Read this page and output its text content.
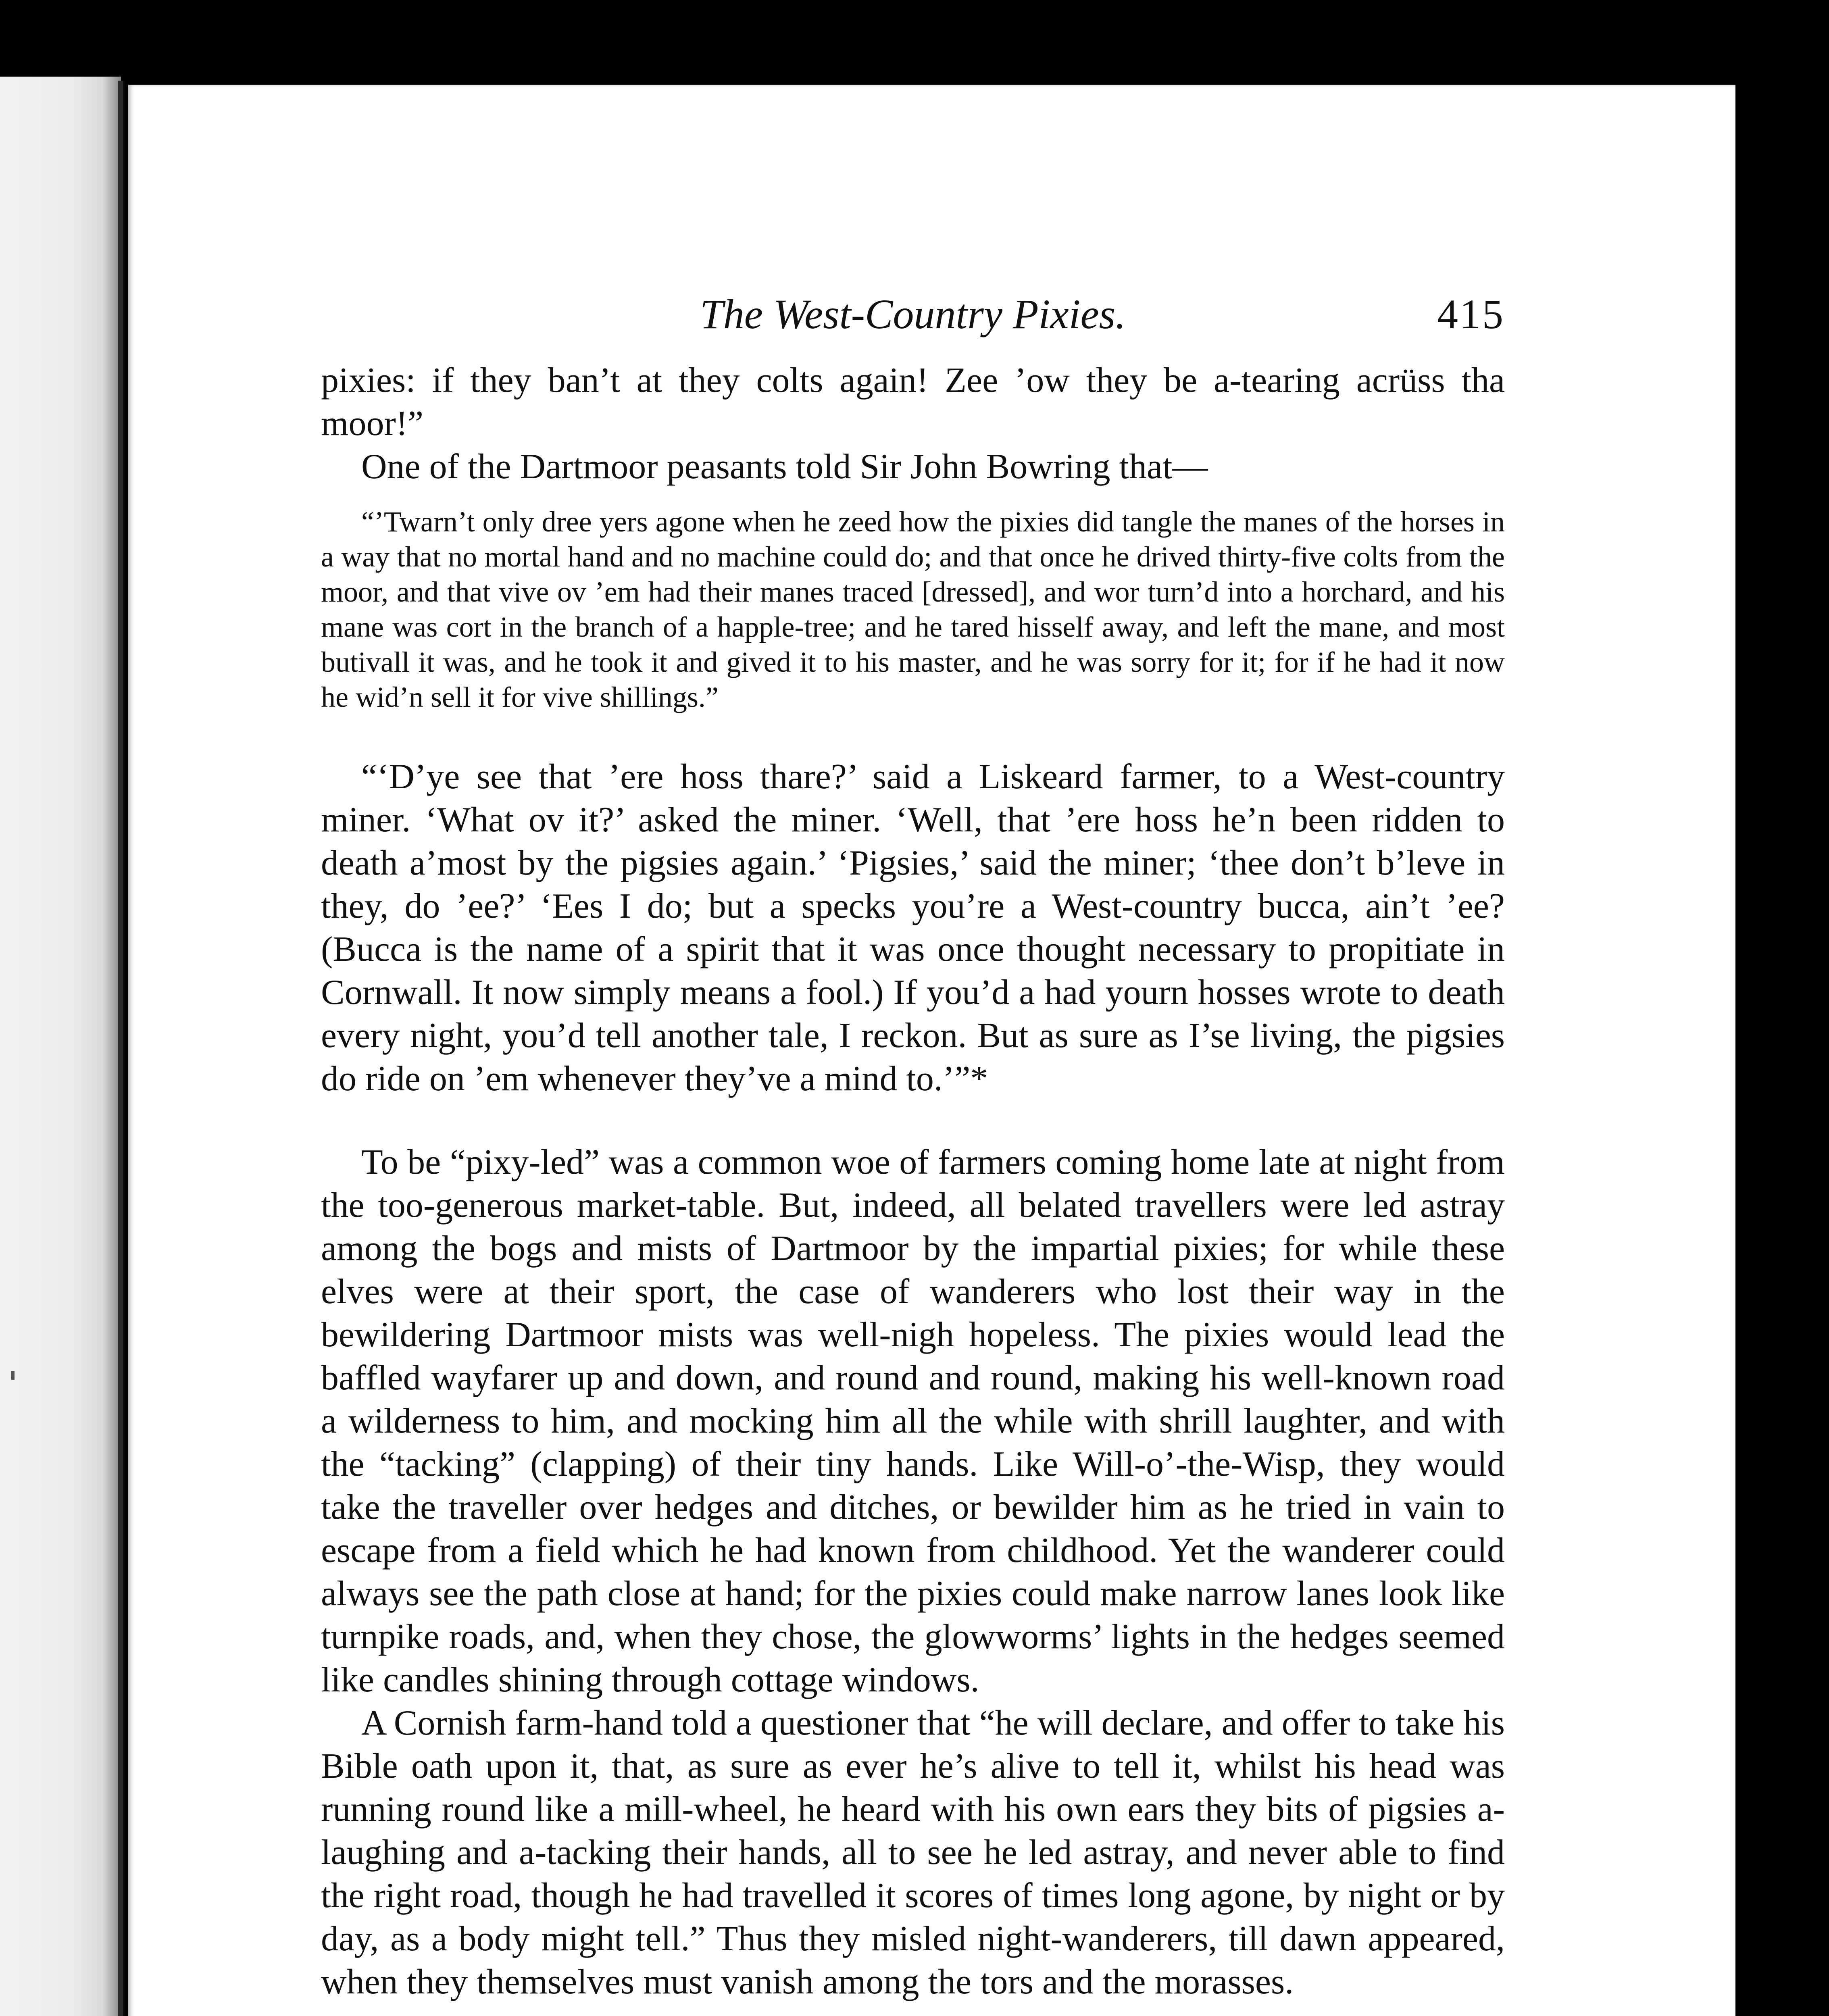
The West-Country Pixies.	415

pixies: if they ban’t at they colts again! Zee ’ow they be a-tearing acrüss tha moor!”

One of the Dartmoor peasants told Sir John Bowring that—

“’Twarn’t only dree yers agone when he zeed how the pixies did tangle the manes of the horses in a way that no mortal hand and no machine could do; and that once he drived thirty-five colts from the moor, and that vive ov ’em had their manes traced [dressed], and wor turn’d into a horchard, and his mane was cort in the branch of a happle-tree; and he tared hisself away, and left the mane, and most butivall it was, and he took it and gived it to his master, and he was sorry for it; for if he had it now he wid’n sell it for vive shillings.”

“‘D’ye see that ’ere hoss thare?’ said a Liskeard farmer, to a West-country miner. ‘What ov it?’ asked the miner. ‘Well, that ’ere hoss he’n been ridden to death a’most by the pigsies again.’ ‘Pigsies,’ said the miner; ‘thee don’t b’leve in they, do ’ee?’ ‘Ees I do; but a specks you’re a West-country bucca, ain’t ’ee? (Bucca is the name of a spirit that it was once thought necessary to propitiate in Cornwall. It now simply means a fool.) If you’d a had yourn hosses wrote to death every night, you’d tell another tale, I reckon. But as sure as I’se living, the pigsies do ride on ’em whenever they’ve a mind to.’”*

To be “pixy-led” was a common woe of farmers coming home late at night from the too-generous market-table. But, indeed, all belated travellers were led astray among the bogs and mists of Dartmoor by the impartial pixies; for while these elves were at their sport, the case of wanderers who lost their way in the bewildering Dartmoor mists was well-nigh hopeless. The pixies would lead the baffled wayfarer up and down, and round and round, making his well-known road a wilderness to him, and mocking him all the while with shrill laughter, and with the “tacking” (clapping) of their tiny hands. Like Will-o’-the-Wisp, they would take the traveller over hedges and ditches, or bewilder him as he tried in vain to escape from a field which he had known from childhood. Yet the wanderer could always see the path close at hand; for the pixies could make narrow lanes look like turnpike roads, and, when they chose, the glowworms’ lights in the hedges seemed like candles shining through cottage windows.

A Cornish farm-hand told a questioner that “he will declare, and offer to take his Bible oath upon it, that, as sure as ever he’s alive to tell it, whilst his head was running round like a mill-wheel, he heard with his own ears they bits of pigsies a-laughing and a-tacking their hands, all to see he led astray, and never able to find the right road, though he had travelled it scores of times long agone, by night or by day, as a body might tell.” Thus they misled night-wanderers, till dawn appeared, when they themselves must vanish among the tors and the morasses.
